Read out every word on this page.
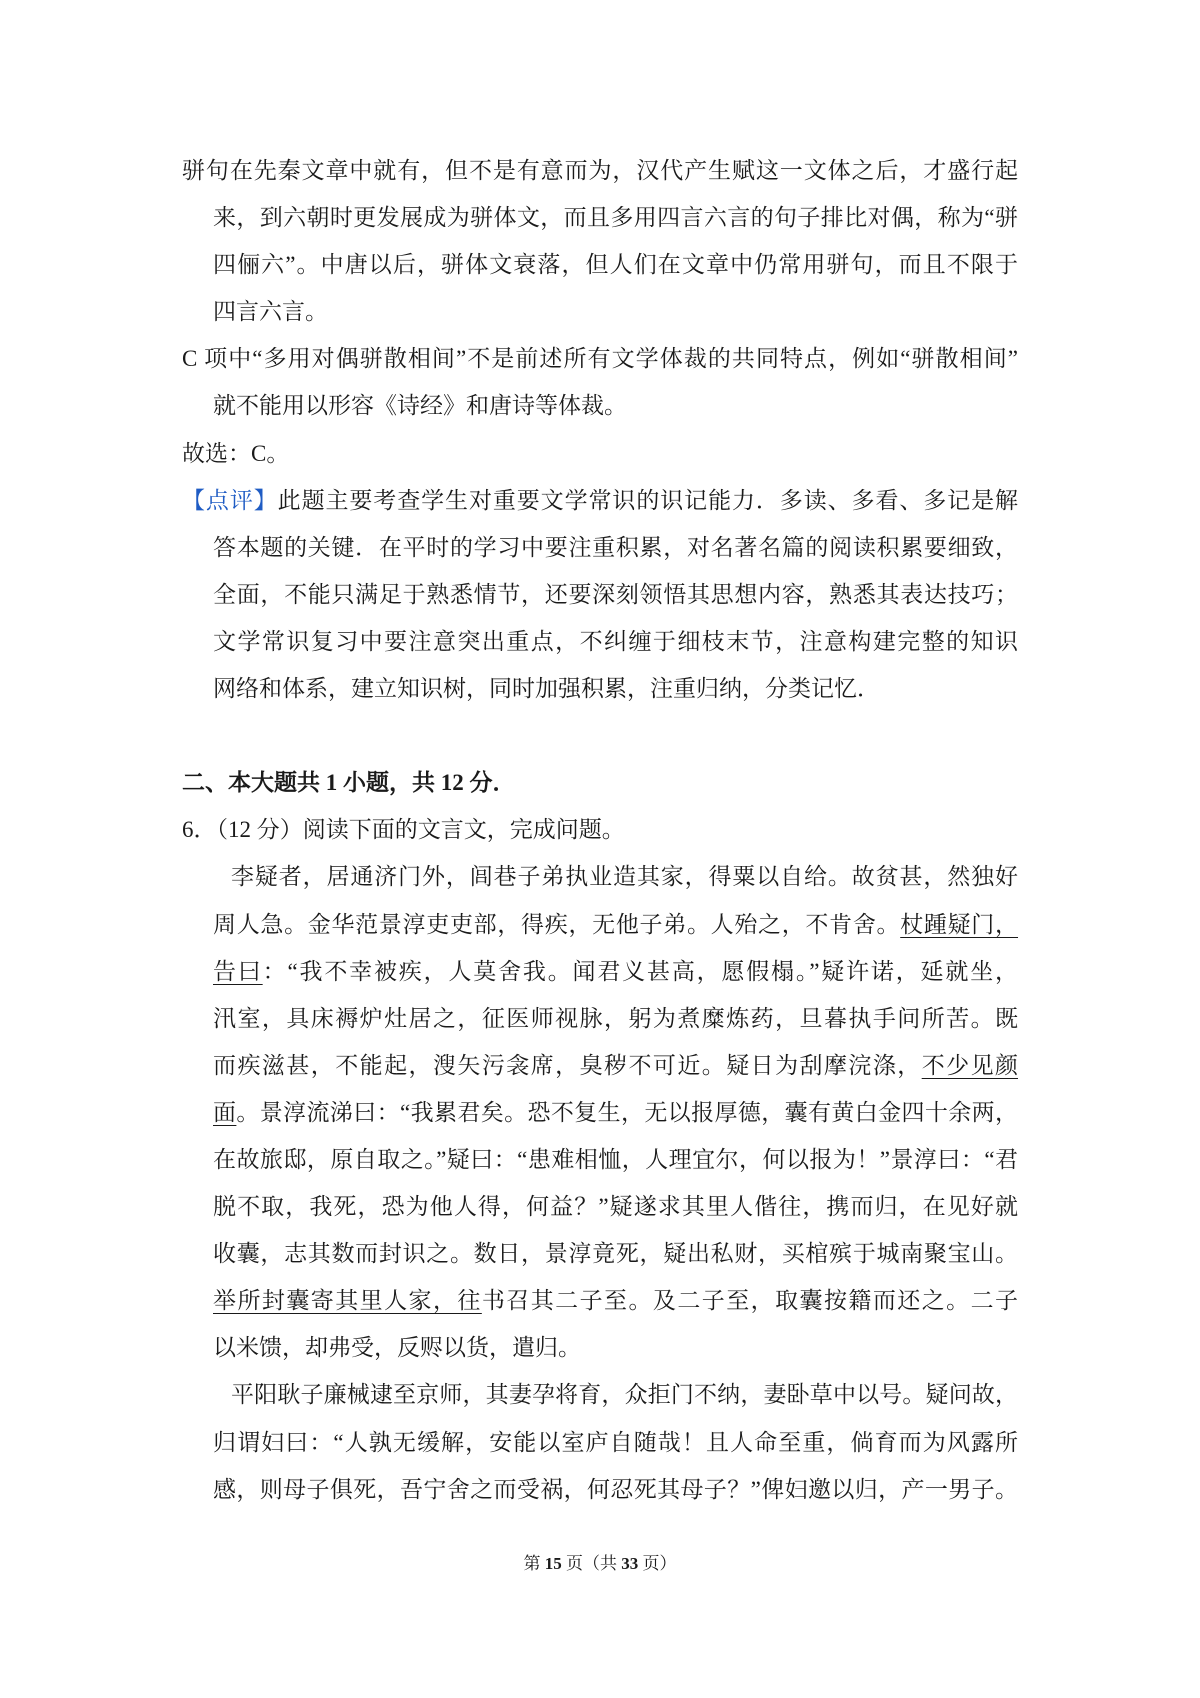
骈句在先秦文章中就有，但不是有意而为，汉代产生赋这一文体之后，才盛行起
来，到六朝时更发展成为骈体文，而且多用四言六言的句子排比对偶，称为“骈
四俪六”。中唐以后，骈体文衰落，但人们在文章中仍常用骈句，而且不限于
四言六言。
C 项中“多用对偶骈散相间”不是前述所有文学体裁的共同特点，例如“骈散相间”
就不能用以形容《诗经》和唐诗等体裁。
故选：C。
【点评】此题主要考查学生对重要文学常识的识记能力．多读、多看、多记是解
答本题的关键．在平时的学习中要注重积累，对名著名篇的阅读积累要细致，
全面，不能只满足于熟悉情节，还要深刻领悟其思想内容，熟悉其表达技巧；
文学常识复习中要注意突出重点，不纠缠于细枝末节，注意构建完整的知识
网络和体系，建立知识树，同时加强积累，注重归纳，分类记忆．
二、本大题共 1 小题，共 12 分．
6．（12 分）阅读下面的文言文，完成问题。
李疑者，居通济门外，闾巷子弟执业造其家，得粟以自给。故贫甚，然独好
周人急。金华范景淳吏吏部，得疾，无他子弟。人殆之，不肯舍。杖踵疑门，
告曰：“我不幸被疾，人莫舍我。闻君义甚高，愿假榻。”疑许诺，延就坐，
汛室，具床褥炉灶居之，征医师视脉，躬为煮糜炼药，旦暮执手问所苦。既
而疾滋甚，不能起，溲矢污衾席，臭秽不可近。疑日为刮摩浣涤，不少见颜
面。景淳流涕曰：“我累君矣。恐不复生，无以报厚德，囊有黄白金四十余两，
在故旅邸，原自取之。”疑曰：“患难相恤，人理宜尔，何以报为！”景淳曰：“君
脱不取，我死，恐为他人得，何益？”疑遂求其里人偕往，携而归，在见好就
收囊，志其数而封识之。数日，景淳竟死，疑出私财，买棺殡于城南聚宝山。
举所封囊寄其里人家，往书召其二子至。及二子至，取囊按籍而还之。二子
以米馈，却弗受，反赆以货，遣归。
平阳耿子廉械逮至京师，其妻孕将育，众拒门不纳，妻卧草中以号。疑问故，
归谓妇曰：“人孰无缓解，安能以室庐自随哉！且人命至重，倘育而为风露所
感，则母子俱死，吾宁舍之而受祸，何忍死其母子？”俾妇邀以归，产一男子。
第 15 页（共 33 页）
